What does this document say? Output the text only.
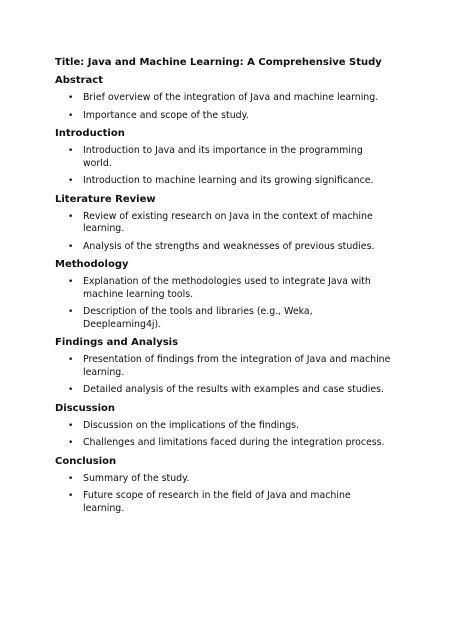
Title: Java and Machine Learning: A Comprehensive Study
Abstract
• Brief overview of the integration of Java and machine learning.
• Importance and scope of the study.
Introduction
• Introduction to Java and its importance in the programming world.
• Introduction to machine learning and its growing significance.
Literature Review
• Review of existing research on Java in the context of machine learning.
• Analysis of the strengths and weaknesses of previous studies.
Methodology
• Explanation of the methodologies used to integrate Java with machine learning tools.
• Description of the tools and libraries (e.g., Weka, Deeplearning4j).
Findings and Analysis
• Presentation of findings from the integration of Java and machine learning.
• Detailed analysis of the results with examples and case studies.
Discussion
• Discussion on the implications of the findings.
• Challenges and limitations faced during the integration process.
Conclusion
• Summary of the study.
• Future scope of research in the field of Java and machine learning.
